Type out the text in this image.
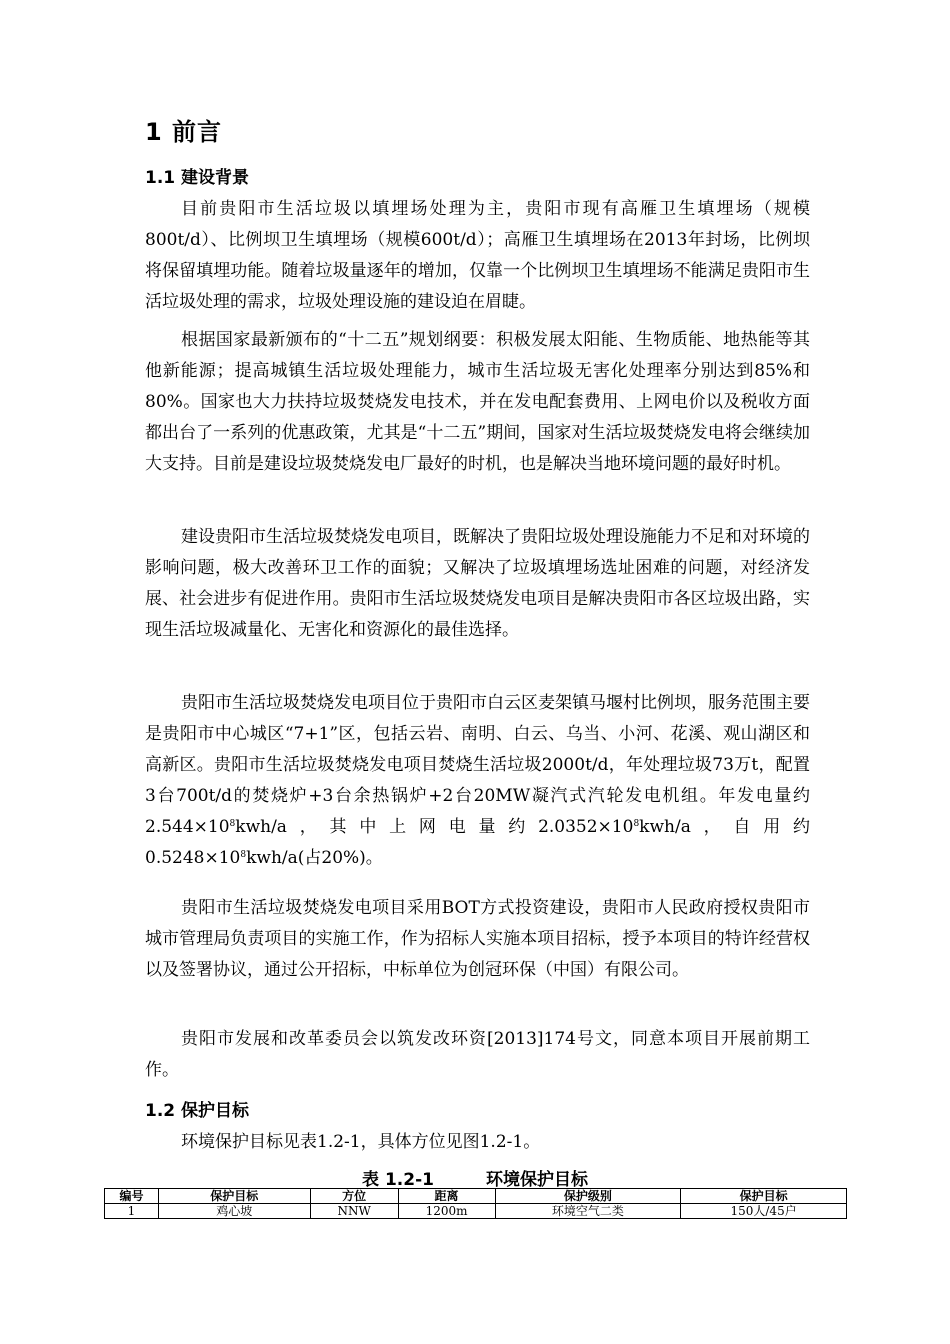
1 前言
1.1 建设背景

目前贵阳市生活垃圾以填埋场处理为主，贵阳市现有高雁卫生填埋场（规模800t/d）、比例坝卫生填埋场（规模600t/d）；高雁卫生填埋场在2013年封场，比例坝将保留填埋功能。随着垃圾量逐年的增加，仅靠一个比例坝卫生填埋场不能满足贵阳市生活垃圾处理的需求，垃圾处理设施的建设迫在眉睫。

根据国家最新颁布的“十二五”规划纲要：积极发展太阳能、生物质能、地热能等其他新能源；提高城镇生活垃圾处理能力，城市生活垃圾无害化处理率分别达到85%和80%。国家也大力扶持垃圾焚烧发电技术，并在发电配套费用、上网电价以及税收方面都出台了一系列的优惠政策，尤其是“十二五”期间，国家对生活垃圾焚烧发电将会继续加大支持。目前是建设垃圾焚烧发电厂最好的时机，也是解决当地环境问题的最好时机。

建设贵阳市生活垃圾焚烧发电项目，既解决了贵阳垃圾处理设施能力不足和对环境的影响问题，极大改善环卫工作的面貌；又解决了垃圾填埋场选址困难的问题，对经济发展、社会进步有促进作用。贵阳市生活垃圾焚烧发电项目是解决贵阳市各区垃圾出路，实现生活垃圾减量化、无害化和资源化的最佳选择。

贵阳市生活垃圾焚烧发电项目位于贵阳市白云区麦架镇马堰村比例坝，服务范围主要是贵阳市中心城区“7+1”区，包括云岩、南明、白云、乌当、小河、花溪、观山湖区和高新区。贵阳市生活垃圾焚烧发电项目焚烧生活垃圾2000t/d，年处理垃圾73万t，配置3台700t/d的焚烧炉+3台余热锅炉+2台20MW凝汽式汽轮发电机组。年发电量约$2.544\times 10^8kwh/a$，其中上网电量约$2.0352\times 10^8kwh/a$，自用约$0.5248\times 10^8kwh/a$(占20%)。

贵阳市生活垃圾焚烧发电项目采用BOT方式投资建设，贵阳市人民政府授权贵阳市城市管理局负责项目的实施工作，作为招标人实施本项目招标，授予本项目的特许经营权以及签署协议，通过公开招标，中标单位为创冠环保（中国）有限公司。

贵阳市发展和改革委员会以筑发改环资[2013]174号文，同意本项目开展前期工作。

1.2 保护目标

环境保护目标见表1.2-1，具体方位见图1.2-1。

表 1.2-1	环境保护目标
编号	保护目标	方位	距离	保护级别	保护目标
1	鸡心坡	NNW	1200m	环境空气二类	150人/45户
